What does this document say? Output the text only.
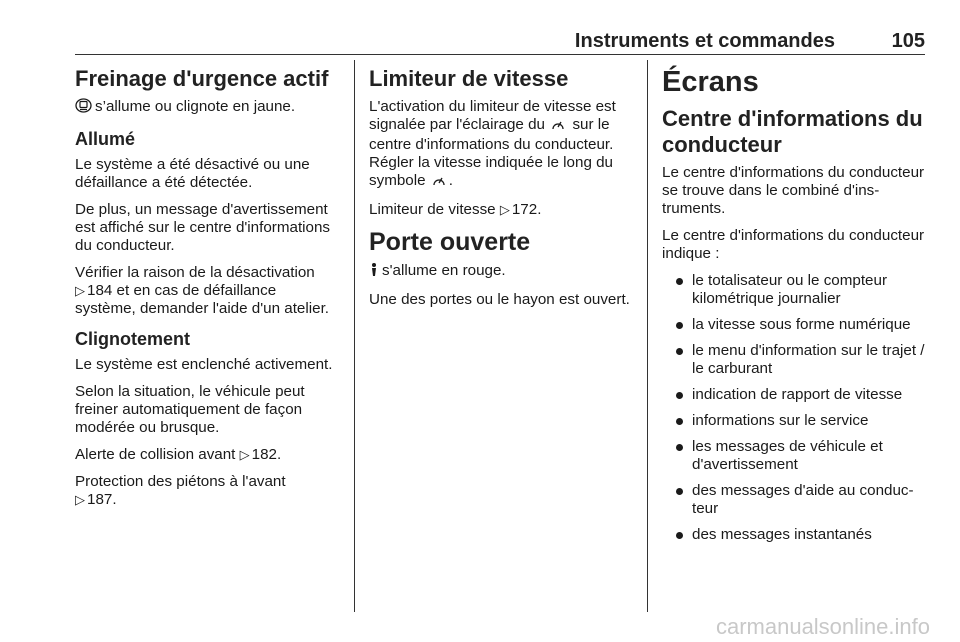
Instruments et commandes	105
Freinage d'urgence actif

s’allume ou clignote en jaune.

Allumé

Le système a été désactivé ou une défaillance a été détectée.

De plus, un message d'avertissement est affiché sur le centre d'informations du conducteur.

Vérifier la raison de la désactivation
▷ 184 et en cas de défaillance système, demander l'aide d'un atelier.

Clignotement

Le système est enclenché activement.

Selon la situation, le véhicule peut freiner automatiquement de façon modérée ou brusque.

Alerte de collision avant ▷ 182.

Protection des piétons à l'avant
▷ 187.

Limiteur de vitesse

L'activation du limiteur de vitesse est signalée par l'éclairage du sur le centre d'informations du conducteur. Régler la vitesse indiquée le long du symbole .

Limiteur de vitesse ▷ 172.

Porte ouverte

s'allume en rouge.

Une des portes ou le hayon est ouvert.

Écrans
Centre d'informations du conducteur

Le centre d'informations du conducteur se trouve dans le combiné d'instruments.

Le centre d'informations du conducteur indique :

le totalisateur ou le compteur kilométrique journalier
la vitesse sous forme numérique
le menu d'information sur le trajet / le carburant
indication de rapport de vitesse
informations sur le service
les messages de véhicule et d'avertissement
des messages d'aide au conducteur
des messages instantanés
carmanualsonline.info
